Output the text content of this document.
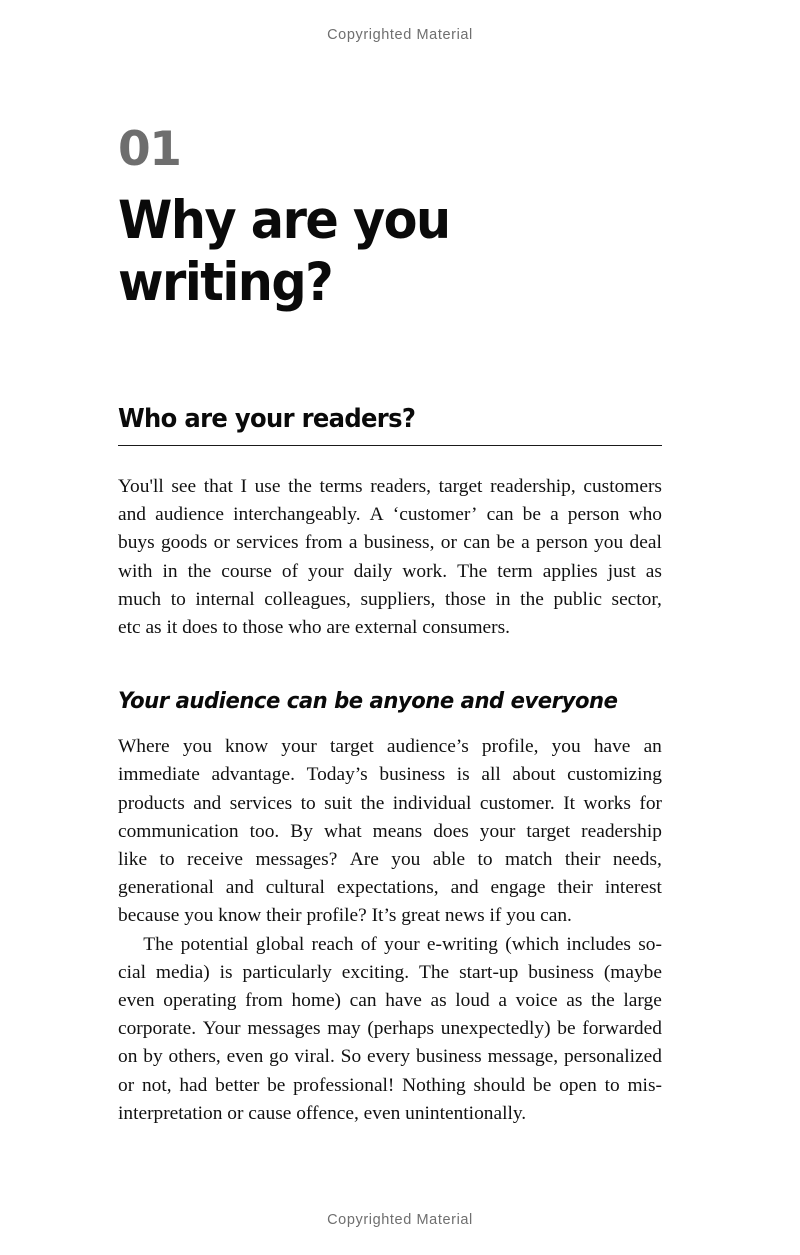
Copyrighted Material
01
Why are you
writing?
Who are your readers?
You'll see that I use the terms readers, target readership, customers
and audience interchangeably. A ‘customer’ can be a person who
buys goods or services from a business, or can be a person you deal
with in the course of your daily work. The term applies just as
much to internal colleagues, suppliers, those in the public sector,
etc as it does to those who are external consumers.
Your audience can be anyone and everyone
Where you know your target audience’s profile, you have an
immediate advantage. Today’s business is all about customizing
products and services to suit the individual customer. It works for
communication too. By what means does your target readership
like to receive messages? Are you able to match their needs,
generational and cultural expectations, and engage their interest
because you know their profile? It’s great news if you can.
The potential global reach of your e-writing (which includes so-
cial media) is particularly exciting. The start-up business (maybe
even operating from home) can have as loud a voice as the large
corporate. Your messages may (perhaps unexpectedly) be forwarded
on by others, even go viral. So every business message, personalized
or not, had better be professional! Nothing should be open to mis-
interpretation or cause offence, even unintentionally.
Copyrighted Material
